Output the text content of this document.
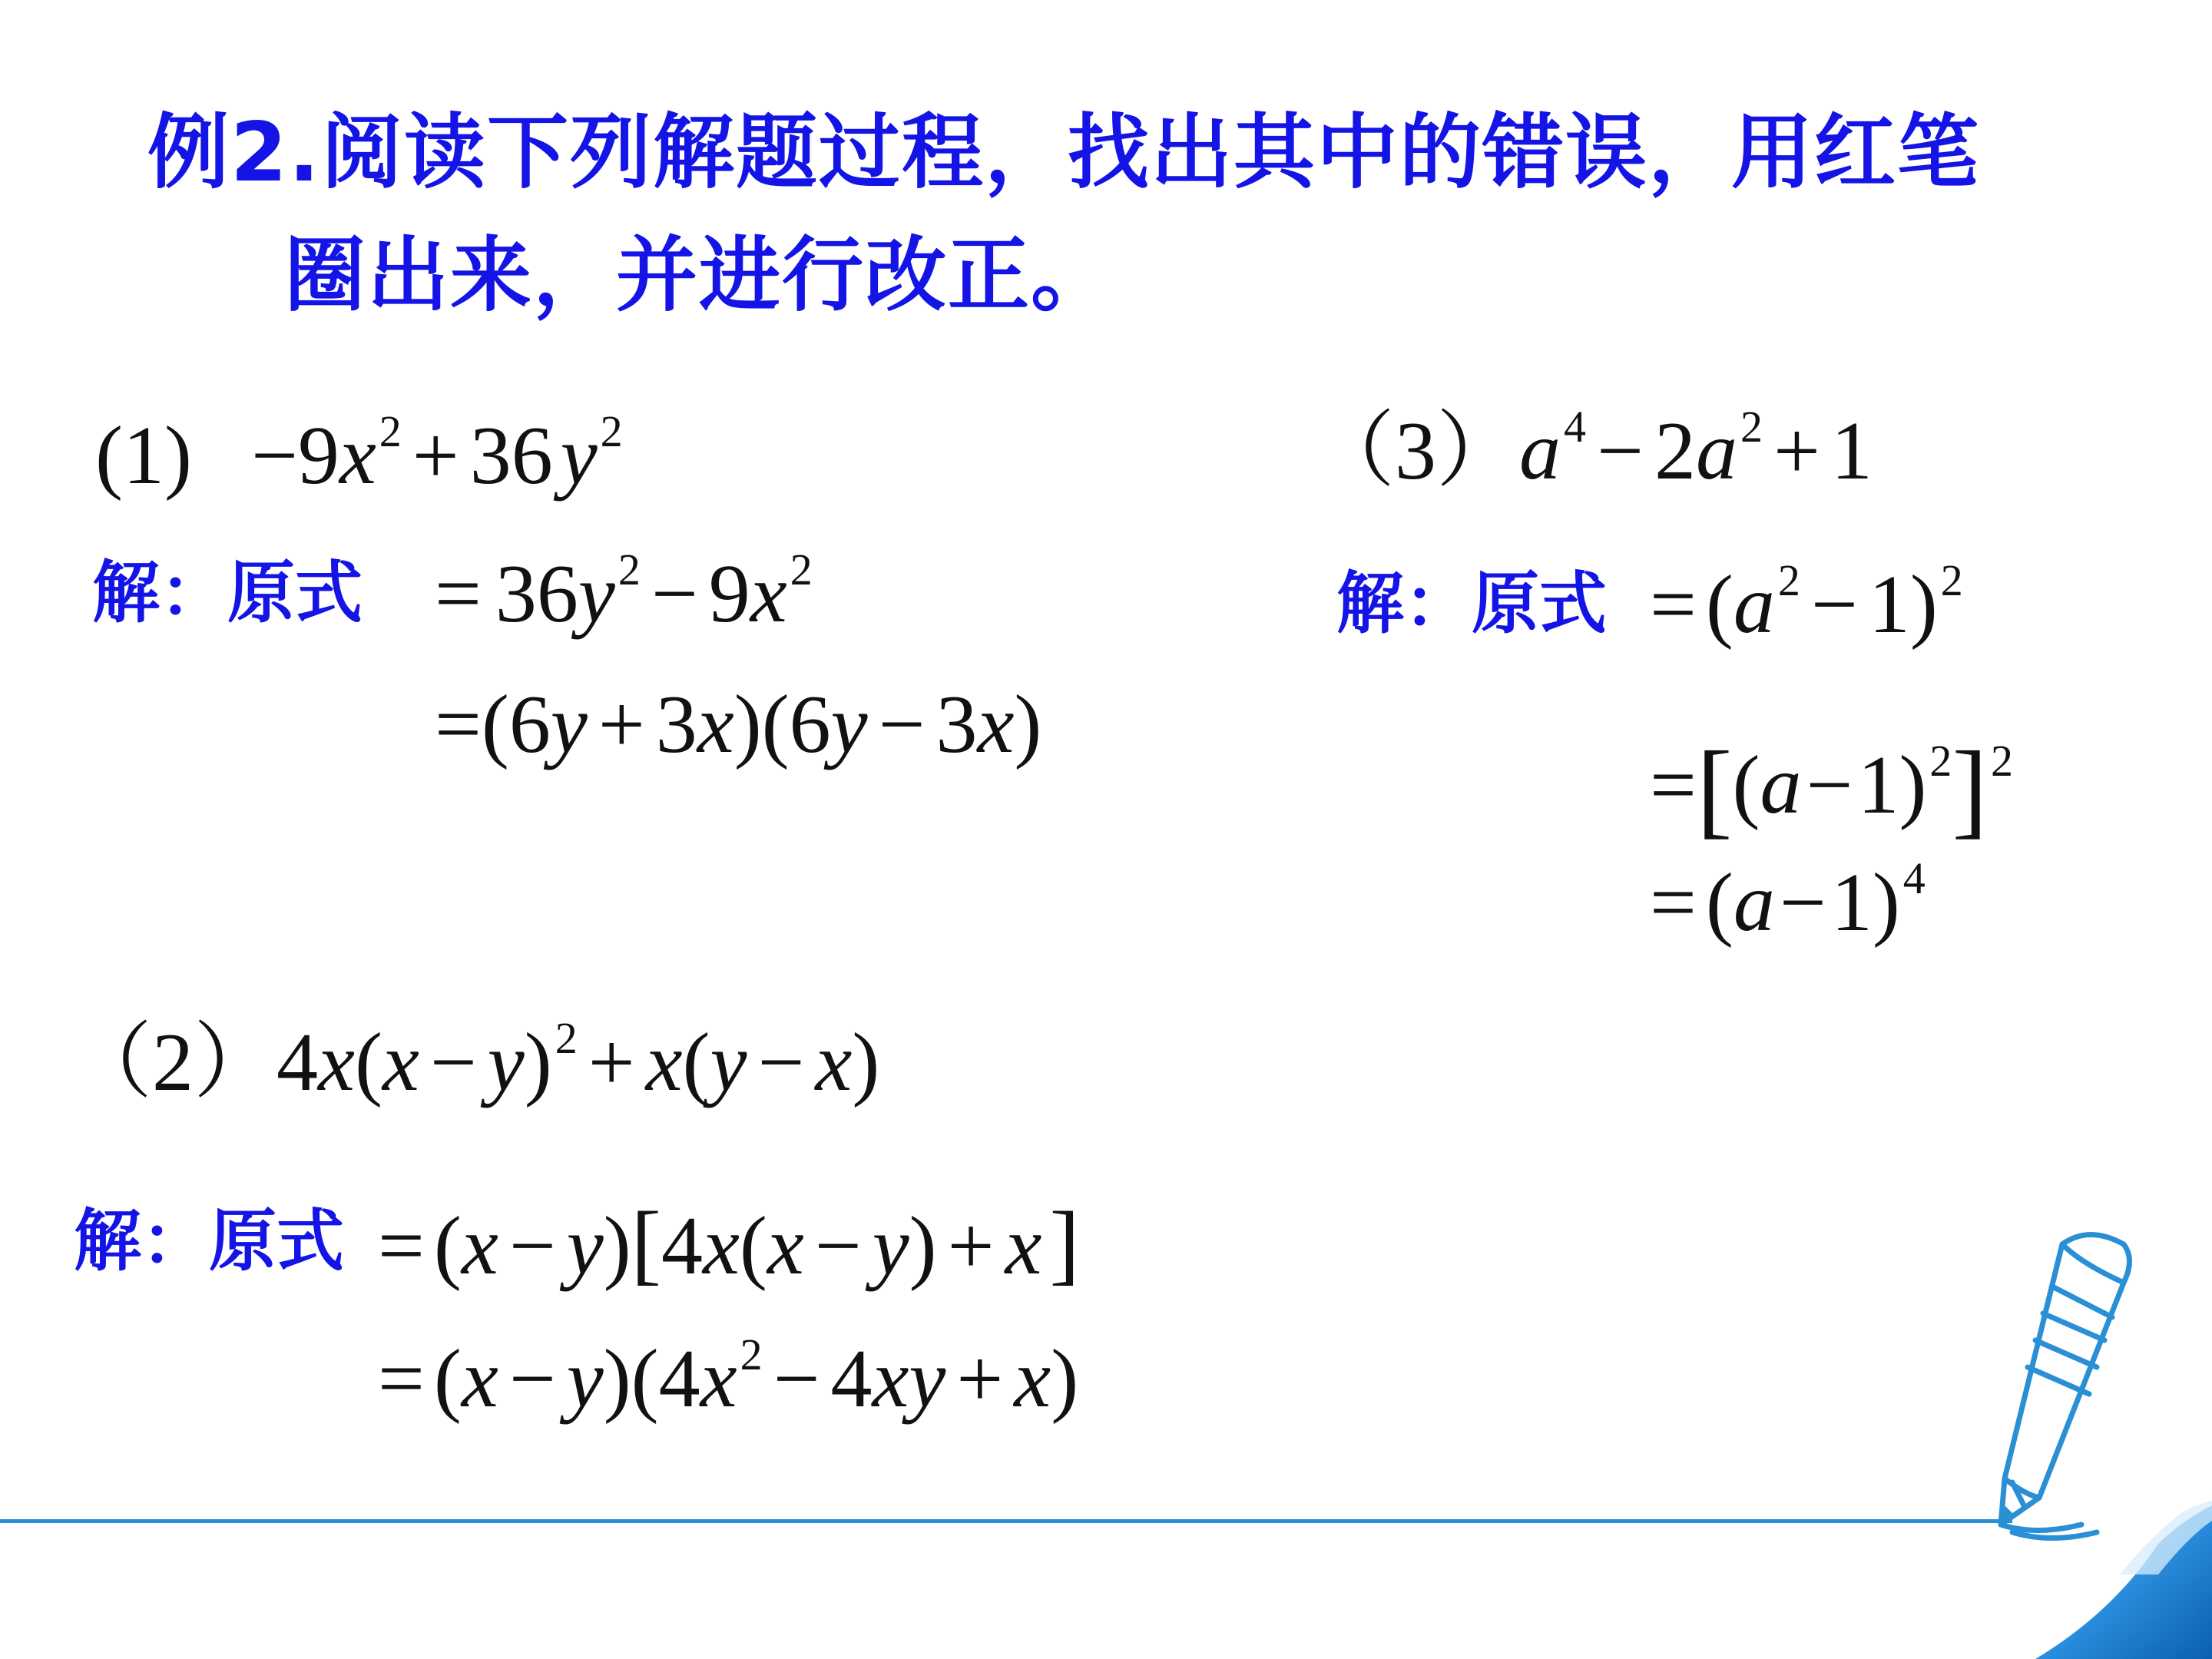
例2.阅读下列解题过程，找出其中的错误，用红笔
圈出来，并进行改正。
$(1) -9x^2 + 36y^2$
解：原式 = $36y^2 - 9x^2$
=(6y + 3x)(6y − 3x)
$(3)a^4 - 2a^2 + 1$
解：原式 = $(a^2 - 1)^2$
$=[(a-1)^2]^2$
= $(a-1)^4$
$(2)4x(x - y)^2 + x(y - x)$
解：原式 = (x − y)[4x(x − y) + x]
= $(x - y)(4x^2 - 4xy + x)$
